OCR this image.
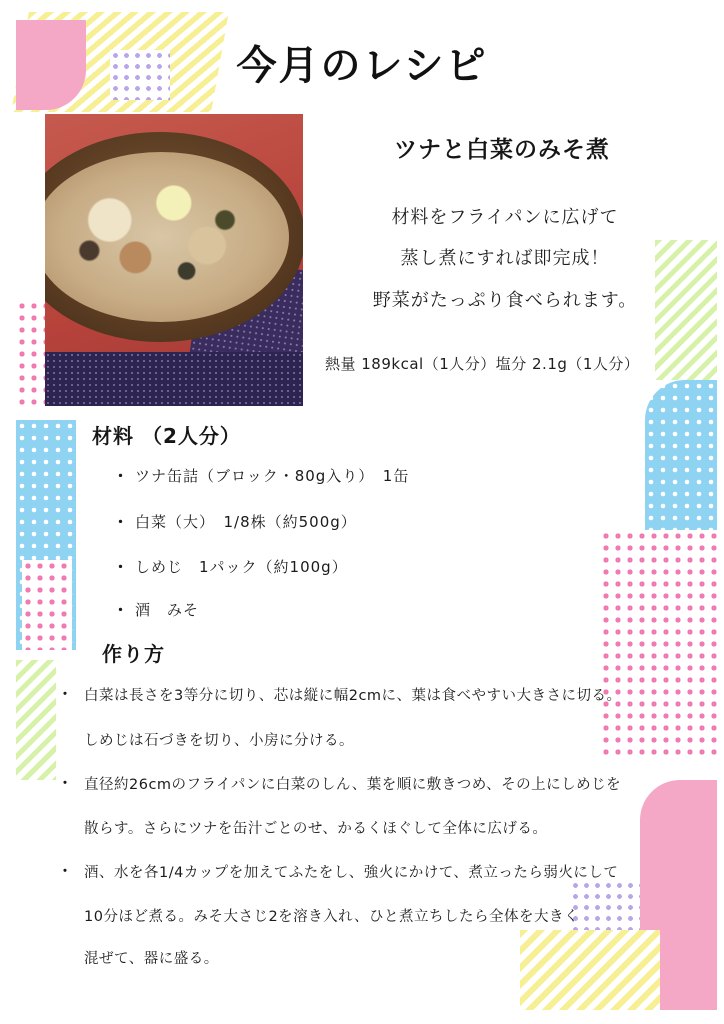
今月のレシピ
ツナと白菜のみそ煮
材料をフライパンに広げて
蒸し煮にすれば即完成！
野菜がたっぷり食べられます。
熱量 189kcal（1人分）塩分 2.1g（1人分）
材料 （2人分）
・ ツナ缶詰（ブロック・80g入り）　1缶
・ 白菜（大）　1/8株（約500g）
・ しめじ　1パック（約100g）
・ 酒　みそ
作り方
・ 白菜は長さを3等分に切り、芯は縦に幅2cmに、葉は食べやすい大きさに切る。
しめじは石づきを切り、小房に分ける。
・ 直径約26cmのフライパンに白菜のしん、葉を順に敷きつめ、その上にしめじを
散らす。さらにツナを缶汁ごとのせ、かるくほぐして全体に広げる。
・ 酒、水を各1/4カップを加えてふたをし、強火にかけて、煮立ったら弱火にして
10分ほど煮る。みそ大さじ2を溶き入れ、ひと煮立ちしたら全体を大きく
混ぜて、器に盛る。
